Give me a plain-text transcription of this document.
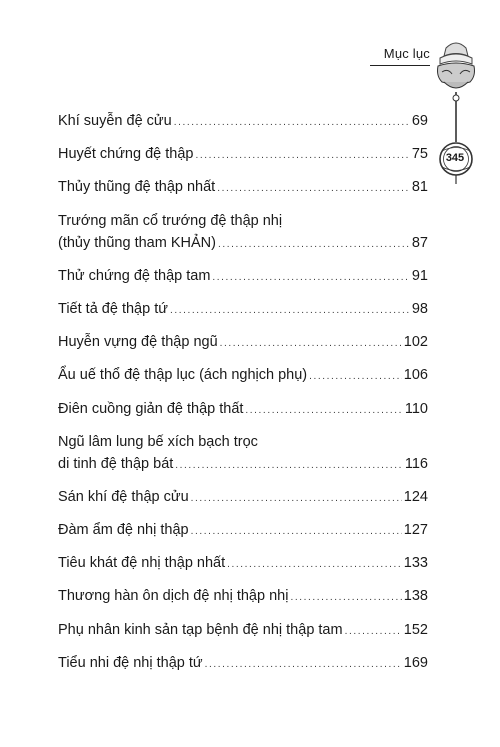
Mục lục
345
Khí suyễn đệ cửu .....	69
Huyết chứng đệ thập .....	75
Thủy thũng đệ thập nhất .....	81
Trướng mãn cổ trướng đệ thập nhị
(thủy thũng tham KHẢN) .....	87
Thử chứng đệ thập tam .....	91
Tiết tả đệ thập tứ .....	98
Huyễn vựng đệ thập ngũ .....	102
Ẩu uế thổ đệ thập lục (ách nghịch phụ) .....	106
Điên cuồng giản đệ thập thất .....	110
Ngũ lâm lung bế xích bạch trọc
di tinh đệ thập bát .....	116
Sán khí đệ thập cửu .....	124
Đàm ẩm đệ nhị thập .....	127
Tiêu khát đệ nhị thập nhất .....	133
Thương hàn ôn dịch đệ nhị thập nhị .....	138
Phụ nhân kinh sản tạp bệnh đệ nhị thập tam .....	152
Tiểu nhi đệ nhị thập tứ .....	169
